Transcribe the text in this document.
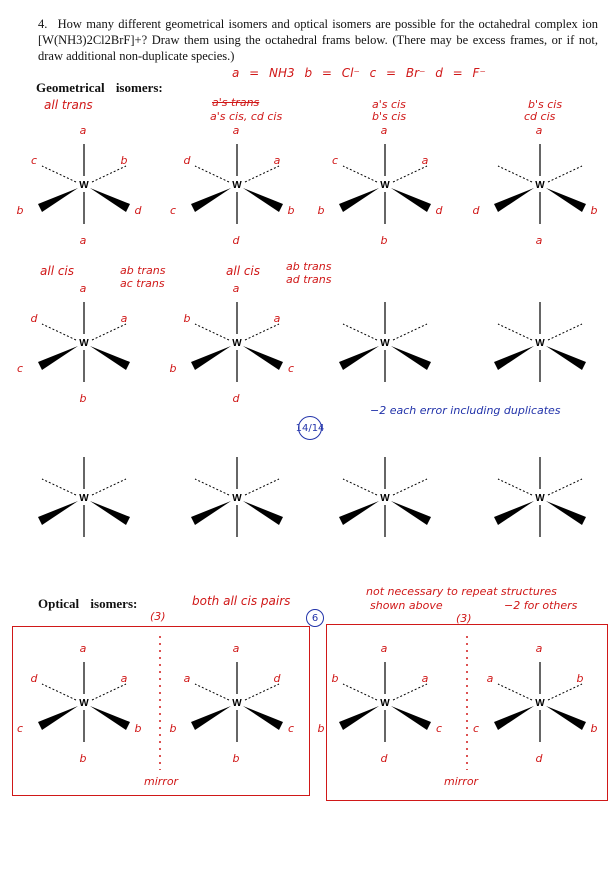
4. How many different geometrical isomers and optical isomers are possible for the octahedral complex ion [W(NH3)2Cl2BrF]+? Draw them using the octahedral frams below. (There may be excess frames, or if not, draw additional non-duplicate species.)
a = NH3 b = Cl⁻ c = Br⁻ d = F⁻
Geometrical isomers:
all trans	a's trans
a's cis, cd cis
a's cis
b's cis
b's cis
cd cis
all cis	ab trans
ac trans
all cis ab trans
ad trans
14/14
−2 each error including duplicates
Optical isomers:	both all cis pairs
(3)	6
not necessary to repeat structures
shown above	−2 for others
(3)
mirror	mirror
W
a
a
c	b
b	d
W
a
d
d	a
c	b
W
a
b
c	a
b	d
W
a
a
d	b
W
a
b
d	a
c
W
a
d
b	a
b	c
W	W
W	W	W	W
W
a
b
d	a
c	b
W
a
b
a	d
b	c
W
a
d
b	a
b	c
W
a
d
a	b
c	b
